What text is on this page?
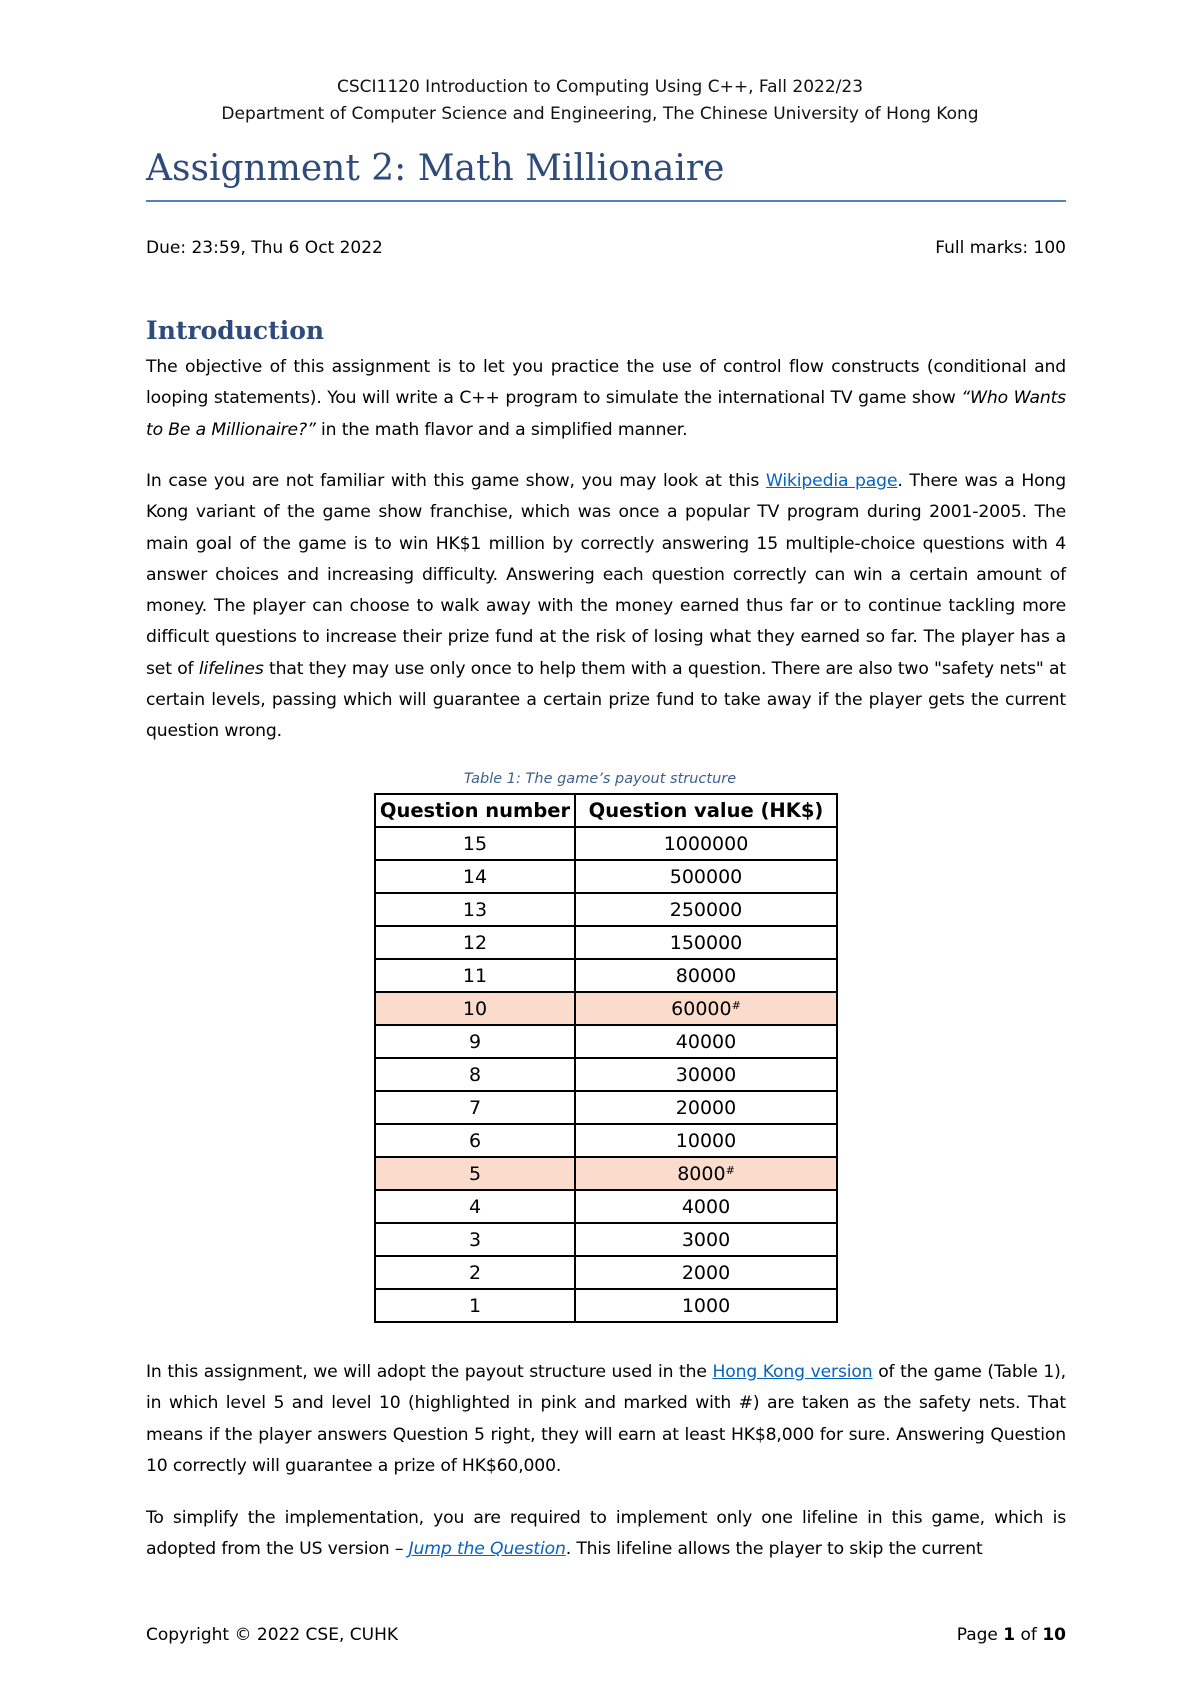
CSCI1120 Introduction to Computing Using C++, Fall 2022/23
Department of Computer Science and Engineering, The Chinese University of Hong Kong
Assignment 2: Math Millionaire
Due: 23:59, Thu 6 Oct 2022	Full marks: 100
Introduction
The objective of this assignment is to let you practice the use of control flow constructs (conditional and looping statements). You will write a C++ program to simulate the international TV game show “Who Wants to Be a Millionaire?” in the math flavor and a simplified manner.
In case you are not familiar with this game show, you may look at this Wikipedia page. There was a Hong Kong variant of the game show franchise, which was once a popular TV program during 2001-2005. The main goal of the game is to win HK$1 million by correctly answering 15 multiple-choice questions with 4 answer choices and increasing difficulty. Answering each question correctly can win a certain amount of money. The player can choose to walk away with the money earned thus far or to continue tackling more difficult questions to increase their prize fund at the risk of losing what they earned so far. The player has a set of lifelines that they may use only once to help them with a question. There are also two "safety nets" at certain levels, passing which will guarantee a certain prize fund to take away if the player gets the current question wrong.
Table 1: The game’s payout structure
Question number	Question value (HK$)
15	1000000
14	500000
13	250000
12	150000
11	80000
10	60000#
9	40000
8	30000
7	20000
6	10000
5	8000#
4	4000
3	3000
2	2000
1	1000
In this assignment, we will adopt the payout structure used in the Hong Kong version of the game (Table 1), in which level 5 and level 10 (highlighted in pink and marked with #) are taken as the safety nets. That means if the player answers Question 5 right, they will earn at least HK$8,000 for sure. Answering Question 10 correctly will guarantee a prize of HK$60,000.
To simplify the implementation, you are required to implement only one lifeline in this game, which is adopted from the US version – Jump the Question. This lifeline allows the player to skip the current
Copyright © 2022 CSE, CUHK	Page 1 of 10
